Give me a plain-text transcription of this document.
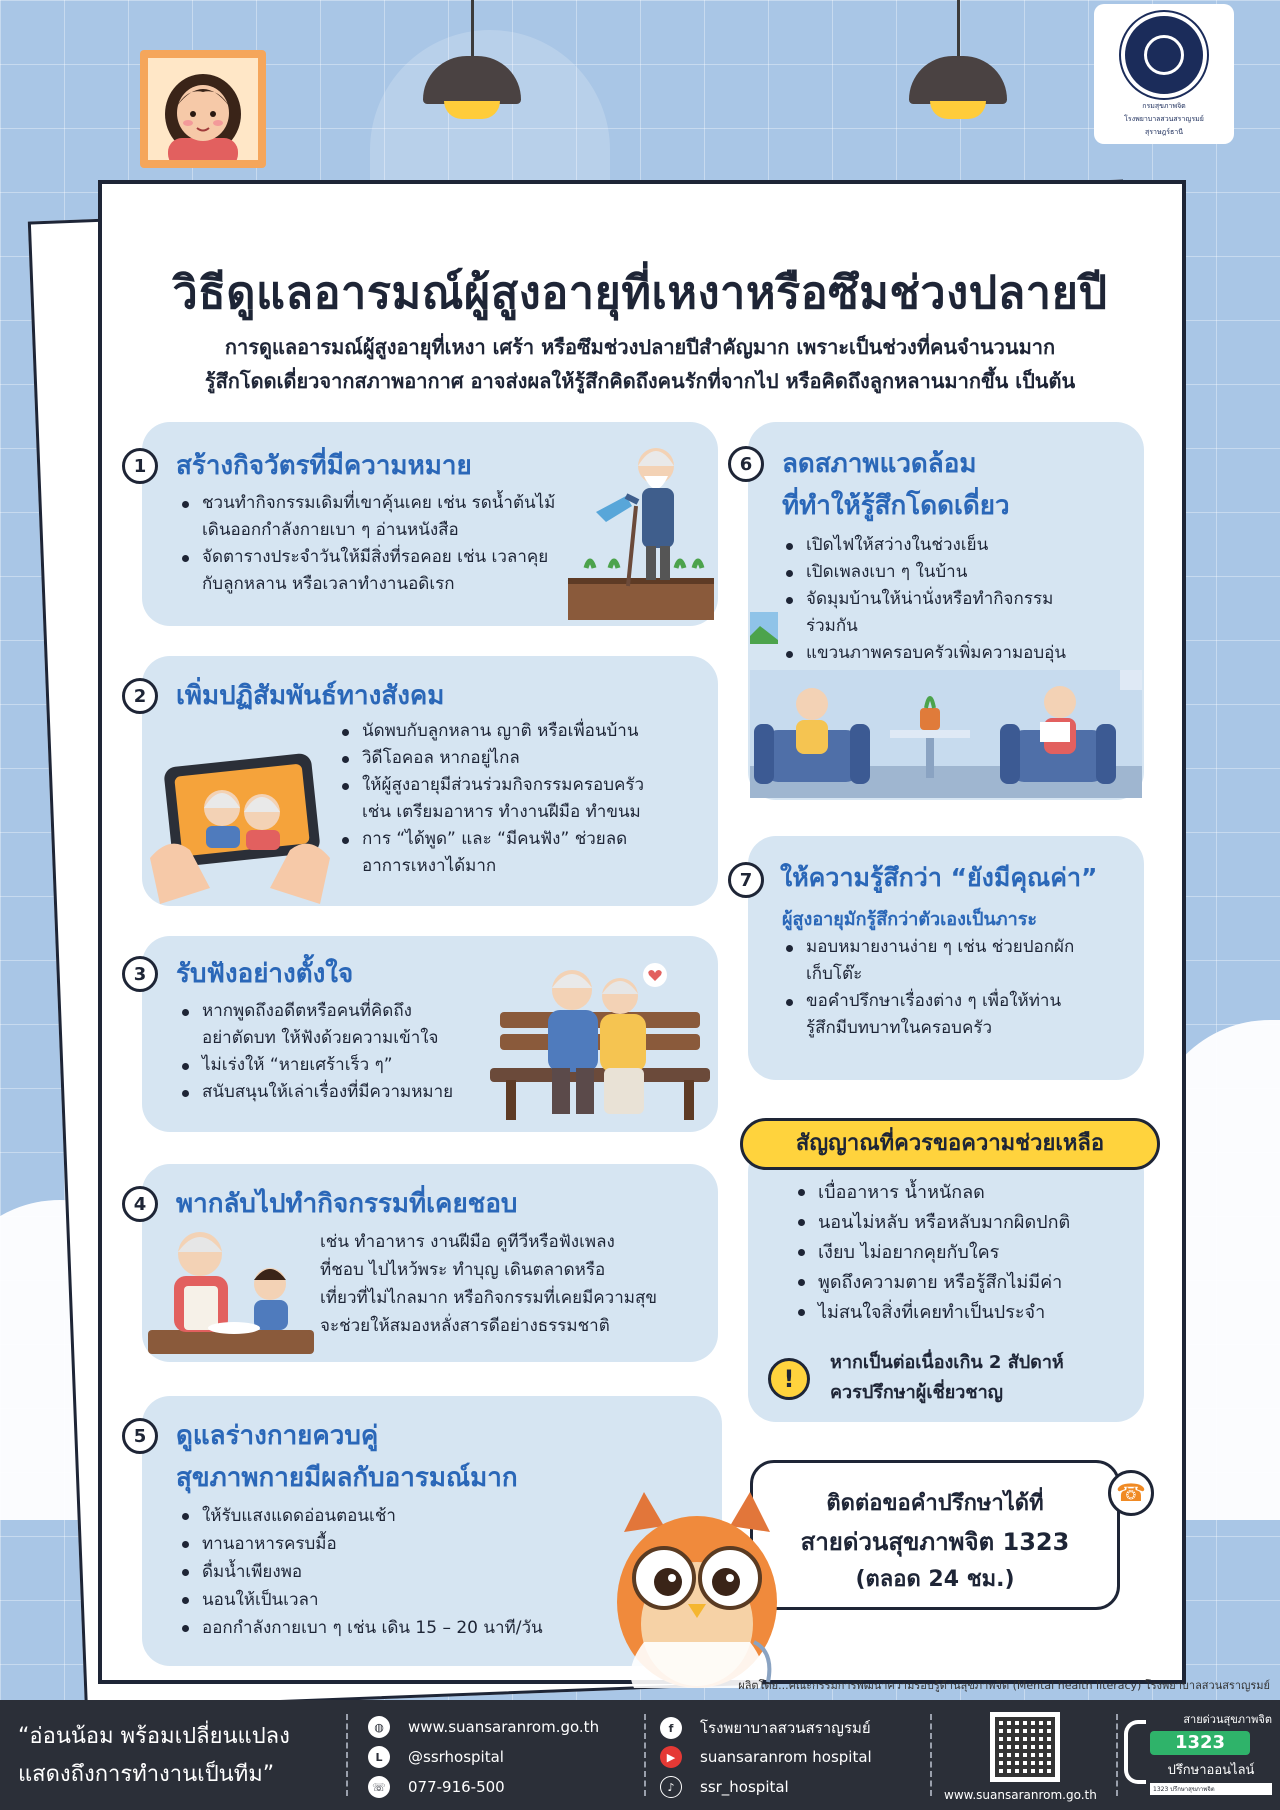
กรมสุขภาพจิต
โรงพยาบาลสวนสราญรมย์
สุราษฎร์ธานี
วิธีดูแลอารมณ์ผู้สูงอายุที่เหงาหรือซึมช่วงปลายปี
การดูแลอารมณ์ผู้สูงอายุที่เหงา เศร้า หรือซึมช่วงปลายปีสำคัญมาก เพราะเป็นช่วงที่คนจำนวนมาก
รู้สึกโดดเดี่ยวจากสภาพอากาศ อาจส่งผลให้รู้สึกคิดถึงคนรักที่จากไป หรือคิดถึงลูกหลานมากขึ้น เป็นต้น
1	สร้างกิจวัตรที่มีความหมาย
ชวนทำกิจกรรมเดิมที่เขาคุ้นเคย เช่น รดน้ำต้นไม้
เดินออกกำลังกายเบา ๆ อ่านหนังสือ
จัดตารางประจำวันให้มีสิ่งที่รอคอย เช่น เวลาคุย
กับลูกหลาน หรือเวลาทำงานอดิเรก
2	เพิ่มปฏิสัมพันธ์ทางสังคม
นัดพบกับลูกหลาน ญาติ หรือเพื่อนบ้าน
วิดีโอคอล หากอยู่ไกล
ให้ผู้สูงอายุมีส่วนร่วมกิจกรรมครอบครัว
เช่น เตรียมอาหาร ทำงานฝีมือ ทำขนม
การ “ได้พูด” และ “มีคนฟัง” ช่วยลด
อาการเหงาได้มาก
3	รับฟังอย่างตั้งใจ
หากพูดถึงอดีตหรือคนที่คิดถึง
อย่าตัดบท ให้ฟังด้วยความเข้าใจ
ไม่เร่งให้ “หายเศร้าเร็ว ๆ”
สนับสนุนให้เล่าเรื่องที่มีความหมาย
4	พากลับไปทำกิจกรรมที่เคยชอบ
เช่น ทำอาหาร งานฝีมือ ดูทีวีหรือฟังเพลง
ที่ชอบ ไปไหว้พระ ทำบุญ เดินตลาดหรือ
เที่ยวที่ไม่ไกลมาก หรือกิจกรรมที่เคยมีความสุข
จะช่วยให้สมองหลั่งสารดีอย่างธรรมชาติ
5	ดูแลร่างกายควบคู่
สุขภาพกายมีผลกับอารมณ์มาก
ให้รับแสงแดดอ่อนตอนเช้า
ทานอาหารครบมื้อ
ดื่มน้ำเพียงพอ
นอนให้เป็นเวลา
ออกกำลังกายเบา ๆ เช่น เดิน 15 – 20 นาที/วัน
6	ลดสภาพแวดล้อม
ที่ทำให้รู้สึกโดดเดี่ยว
เปิดไฟให้สว่างในช่วงเย็น
เปิดเพลงเบา ๆ ในบ้าน
จัดมุมบ้านให้น่านั่งหรือทำกิจกรรม
ร่วมกัน
แขวนภาพครอบครัวเพิ่มความอบอุ่น
7	ให้ความรู้สึกว่า “ยังมีคุณค่า”
ผู้สูงอายุมักรู้สึกว่าตัวเองเป็นภาระ
มอบหมายงานง่าย ๆ เช่น ช่วยปอกผัก
เก็บโต๊ะ
ขอคำปรึกษาเรื่องต่าง ๆ เพื่อให้ท่าน
รู้สึกมีบทบาทในครอบครัว
สัญญาณที่ควรขอความช่วยเหลือ
เบื่ออาหาร น้ำหนักลด
นอนไม่หลับ หรือหลับมากผิดปกติ
เงียบ ไม่อยากคุยกับใคร
พูดถึงความตาย หรือรู้สึกไม่มีค่า
ไม่สนใจสิ่งที่เคยทำเป็นประจำ
!
หากเป็นต่อเนื่องเกิน 2 สัปดาห์
ควรปรึกษาผู้เชี่ยวชาญ
ติดต่อขอคำปรึกษาได้ที่
สายด่วนสุขภาพจิต 1323
(ตลอด 24 ชม.)
☎
ผลิตโดย...คณะกรรมการพัฒนาความรอบรู้ด้านสุขภาพจิต (Mental health literacy) โรงพยาบาลสวนสราญรมย์
“อ่อนน้อม พร้อมเปลี่ยนแปลง
แสดงถึงการทำงานเป็นทีม”
◍	www.suansaranrom.go.th
L	@ssrhospital
☏ 077-916-500
f	โรงพยาบาลสวนสราญรมย์
▶	suansaranrom hospital
♪	ssr_hospital	www.suansaranrom.go.th
สายด่วนสุขภาพจิต
1323
ปรึกษาออนไลน์
1323 ปรึกษาสุขภาพจิต
